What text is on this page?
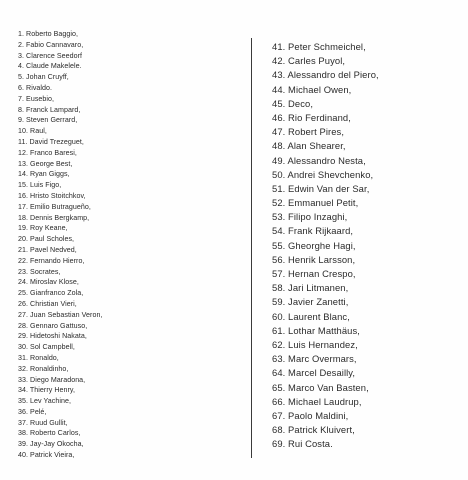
1. Roberto Baggio,
2. Fabio Cannavaro,
3. Clarence Seedorf
4. Claude Makelele.
5. Johan Cruyff,
6. Rivaldo.
7. Eusebio,
8. Franck Lampard,
9. Steven Gerrard,
10. Raul,
11. David Trezeguet,
12. Franco Baresi,
13. George Best,
14. Ryan Giggs,
15. Luis Figo,
16. Hristo Stoitchkov,
17. Emilio Butragueño,
18. Dennis Bergkamp,
19. Roy Keane,
20. Paul Scholes,
21. Pavel Nedved,
22. Fernando Hierro,
23. Socrates,
24. Miroslav Klose,
25. Gianfranco Zola,
26. Christian Vieri,
27. Juan Sebastian Veron,
28. Gennaro Gattuso,
29. Hidetoshi Nakata,
30. Sol Campbell,
31. Ronaldo,
32. Ronaldinho,
33. Diego Maradona,
34. Thierry Henry,
35. Lev Yachine,
36. Pelé,
37. Ruud Gullit,
38. Roberto Carlos,
39. Jay-Jay Okocha,
40. Patrick Vieira,
41. Peter Schmeichel,
42. Carles Puyol,
43. Alessandro del Piero,
44. Michael Owen,
45. Deco,
46. Rio Ferdinand,
47. Robert Pires,
48. Alan Shearer,
49. Alessandro Nesta,
50. Andrei Shevchenko,
51. Edwin Van der Sar,
52. Emmanuel Petit,
53. Filipo Inzaghi,
54. Frank Rijkaard,
55. Gheorghe Hagi,
56. Henrik Larsson,
57. Hernan Crespo,
58. Jari Litmanen,
59. Javier Zanetti,
60. Laurent Blanc,
61. Lothar Matthäus,
62. Luis Hernandez,
63. Marc Overmars,
64. Marcel Desailly,
65. Marco Van Basten,
66. Michael Laudrup,
67. Paolo Maldini,
68. Patrick Kluivert,
69. Rui Costa.
